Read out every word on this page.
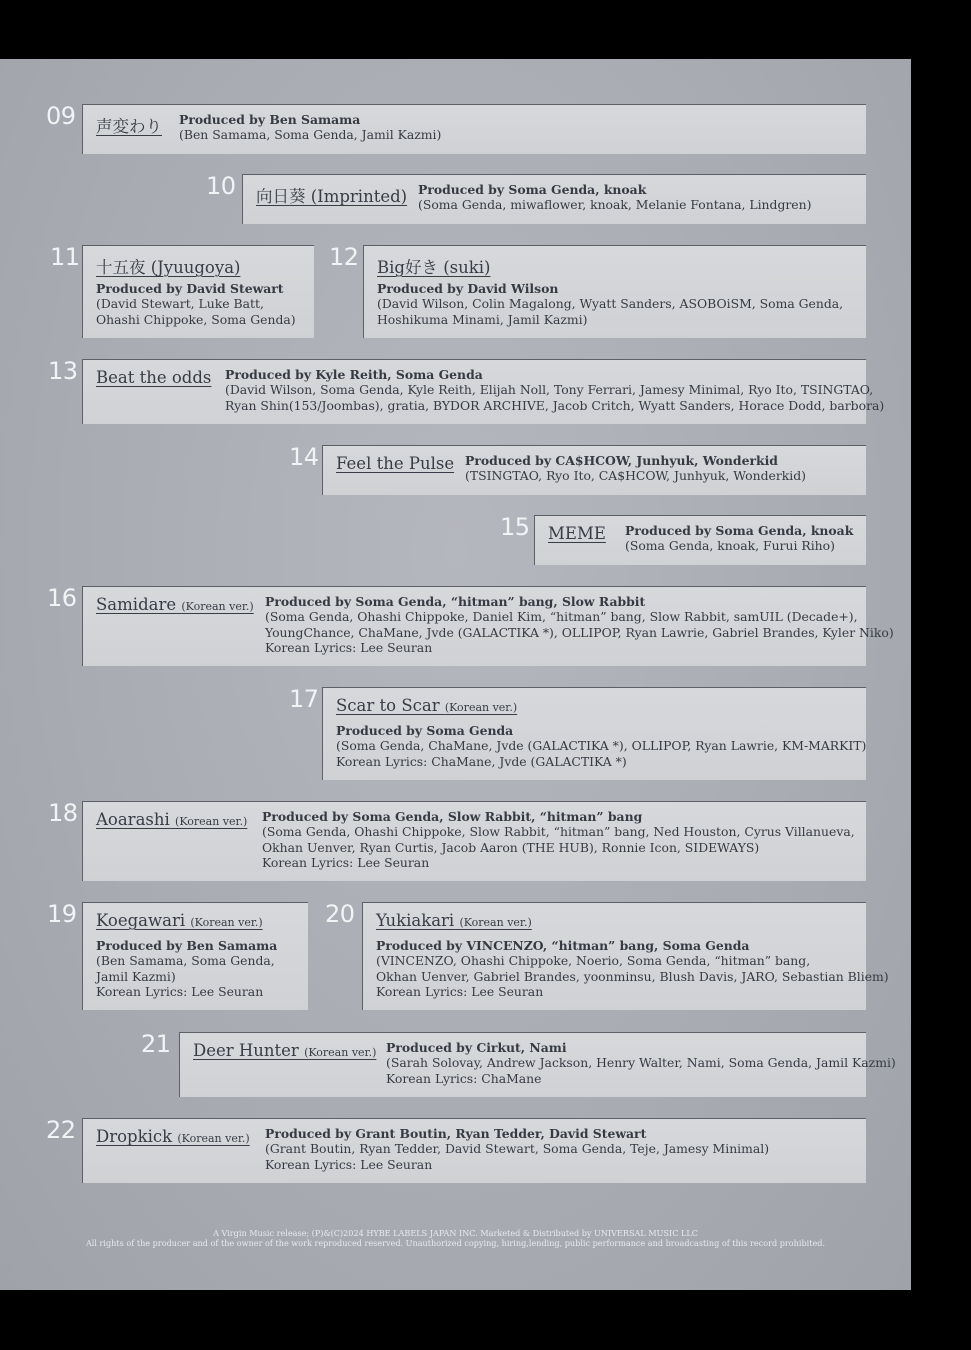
09 声変わり Produced by Ben Samama
(Ben Samama, Soma Genda, Jamil Kazmi)
10 向日葵 (Imprinted) Produced by Soma Genda, knoak
(Soma Genda, miwaflower, knoak, Melanie Fontana, Lindgren)
11 十五夜 (Jyuugoya)
Produced by David Stewart
(David Stewart, Luke Batt,
Ohashi Chippoke, Soma Genda)
12 Big好き (suki)
Produced by David Wilson
(David Wilson, Colin Magalong, Wyatt Sanders, ASOBOiSM, Soma Genda,
Hoshikuma Minami, Jamil Kazmi)
13 Beat the odds Produced by Kyle Reith, Soma Genda
(David Wilson, Soma Genda, Kyle Reith, Elijah Noll, Tony Ferrari, Jamesy Minimal, Ryo Ito, TSINGTAO,
Ryan Shin(153/Joombas), gratia, BYDOR ARCHIVE, Jacob Critch, Wyatt Sanders, Horace Dodd, barbora)
14 Feel the Pulse Produced by CA$HCOW, Junhyuk, Wonderkid
(TSINGTAO, Ryo Ito, CA$HCOW, Junhyuk, Wonderkid)
15 MEME Produced by Soma Genda, knoak
(Soma Genda, knoak, Furui Riho)
16 Samidare (Korean ver.) Produced by Soma Genda, “hitman” bang, Slow Rabbit
(Soma Genda, Ohashi Chippoke, Daniel Kim, “hitman” bang, Slow Rabbit, samUIL (Decade+),
YoungChance, ChaMane, Jvde (GALACTIKA *), OLLIPOP, Ryan Lawrie, Gabriel Brandes, Kyler Niko)
Korean Lyrics: Lee Seuran
17 Scar to Scar (Korean ver.)
Produced by Soma Genda
(Soma Genda, ChaMane, Jvde (GALACTIKA *), OLLIPOP, Ryan Lawrie, KM-MARKIT)
Korean Lyrics: ChaMane, Jvde (GALACTIKA *)
18 Aoarashi (Korean ver.) Produced by Soma Genda, Slow Rabbit, “hitman” bang
(Soma Genda, Ohashi Chippoke, Slow Rabbit, “hitman” bang, Ned Houston, Cyrus Villanueva,
Okhan Uenver, Ryan Curtis, Jacob Aaron (THE HUB), Ronnie Icon, SIDEWAYS)
Korean Lyrics: Lee Seuran
19 Koegawari (Korean ver.)
Produced by Ben Samama
(Ben Samama, Soma Genda,
Jamil Kazmi)
Korean Lyrics: Lee Seuran
20 Yukiakari (Korean ver.)
Produced by VINCENZO, “hitman” bang, Soma Genda
(VINCENZO, Ohashi Chippoke, Noerio, Soma Genda, “hitman” bang,
Okhan Uenver, Gabriel Brandes, yoonminsu, Blush Davis, JARO, Sebastian Bliem)
Korean Lyrics: Lee Seuran
21 Deer Hunter (Korean ver.) Produced by Cirkut, Nami
(Sarah Solovay, Andrew Jackson, Henry Walter, Nami, Soma Genda, Jamil Kazmi)
Korean Lyrics: ChaMane
22 Dropkick (Korean ver.) Produced by Grant Boutin, Ryan Tedder, David Stewart
(Grant Boutin, Ryan Tedder, David Stewart, Soma Genda, Teje, Jamesy Minimal)
Korean Lyrics: Lee Seuran
A Virgin Music release; (P)&(C)2024 HYBE LABELS JAPAN INC. Marketed & Distributed by UNIVERSAL MUSIC LLC
All rights of the producer and of the owner of the work reproduced reserved. Unauthorized copying, hiring,lending, public performance and broadcasting of this record prohibited.
